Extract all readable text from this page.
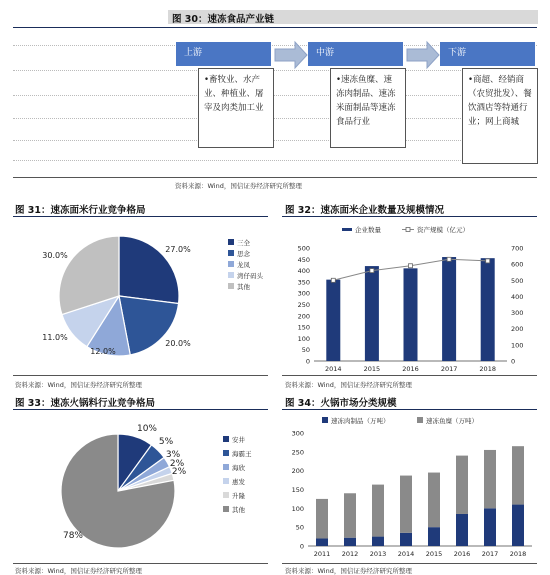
图 30：速冻食品产业链
上游
•畜牧业、水产业、种植业、屠宰及肉类加工业
中游
•速冻鱼糜、速冻肉制品、速冻米面制品等速冻食品行业
下游
•商超、经销商（农贸批发）、餐饮酒店等特通行业；网上商城
资料来源：Wind，国信证券经济研究所整理
图 31：速冻面米行业竞争格局
27.0%
20.0%
12.0%
11.0%
30.0%
三全
思念
龙凤
湾仔码头
其他
资料来源：Wind，国信证券经济研究所整理
图 32：速冻面米企业数量及规模情况
0
50
100
150
200
250
300
350
400
450
500
0
100
200
300
400
500
600
700
2014	2015	2016	2017	2018
企业数量	资产规模（亿元）
资料来源：Wind，国信证券经济研究所整理
图 33：速冻火锅料行业竞争格局
10%
5%
3%
2%
2%
78%
安井
海霸王
海欣
惠发
升隆
其他
资料来源：Wind，国信证券经济研究所整理
图 34：火锅市场分类规模
0
50
100
150
200
250
300
2011 2012 2013 2014 2015 2016 2017 2018
速冻肉制品（万吨）	速冻鱼糜（万吨）
资料来源：Wind，国信证券经济研究所整理
